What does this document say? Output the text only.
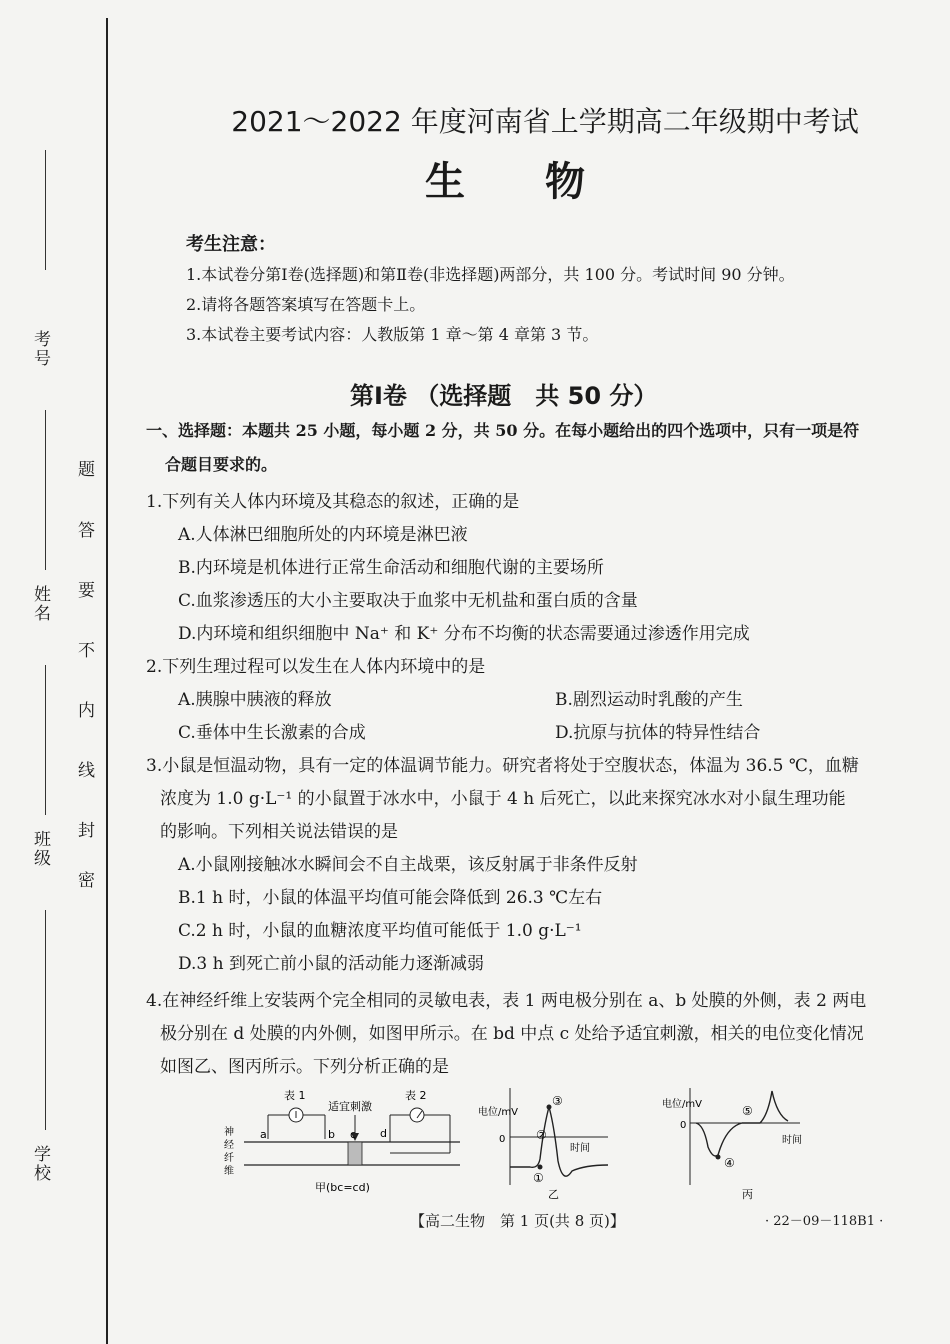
考号
姓名
班级
学校
题
答
要
不
内
线
封
密
2021～2022 年度河南省上学期高二年级期中考试
生物
考生注意：
1.本试卷分第Ⅰ卷(选择题)和第Ⅱ卷(非选择题)两部分，共 100 分。考试时间 90 分钟。
2.请将各题答案填写在答题卡上。
3.本试卷主要考试内容：人教版第 1 章～第 4 章第 3 节。
第Ⅰ卷 （选择题　共 50 分）
一、选择题：本题共 25 小题，每小题 2 分，共 50 分。在每小题给出的四个选项中，只有一项是符
合题目要求的。
1.下列有关人体内环境及其稳态的叙述，正确的是
A.人体淋巴细胞所处的内环境是淋巴液
B.内环境是机体进行正常生命活动和细胞代谢的主要场所
C.血浆渗透压的大小主要取决于血浆中无机盐和蛋白质的含量
D.内环境和组织细胞中 Na⁺ 和 K⁺ 分布不均衡的状态需要通过渗透作用完成
2.下列生理过程可以发生在人体内环境中的是
A.胰腺中胰液的释放	B.剧烈运动时乳酸的产生
C.垂体中生长激素的合成	D.抗原与抗体的特异性结合
3.小鼠是恒温动物，具有一定的体温调节能力。研究者将处于空腹状态，体温为 36.5 ℃，血糖
浓度为 1.0 g·L⁻¹ 的小鼠置于冰水中，小鼠于 4 h 后死亡，以此来探究冰水对小鼠生理功能
的影响。下列相关说法错误的是
A.小鼠刚接触冰水瞬间会不自主战栗，该反射属于非条件反射
B.1 h 时，小鼠的体温平均值可能会降低到 26.3 ℃左右
C.2 h 时，小鼠的血糖浓度平均值可能低于 1.0 g·L⁻¹
D.3 h 到死亡前小鼠的活动能力逐渐减弱
4.在神经纤维上安装两个完全相同的灵敏电表，表 1 两电极分别在 a、b 处膜的外侧，表 2 两电
极分别在 d 处膜的内外侧，如图甲所示。在 bd 中点 c 处给予适宜刺激，相关的电位变化情况
如图乙、图丙所示。下列分析正确的是
适宜刺激
表 1
a	b c d
表 2
神
经
纤
维
甲(bc=cd)
电位/mV
0
时间
①
②
③
乙
电位/mV
0
时间
④
⑤
丙
【高二生物　第 1 页(共 8 页)】	· 22－09－118B1 ·
